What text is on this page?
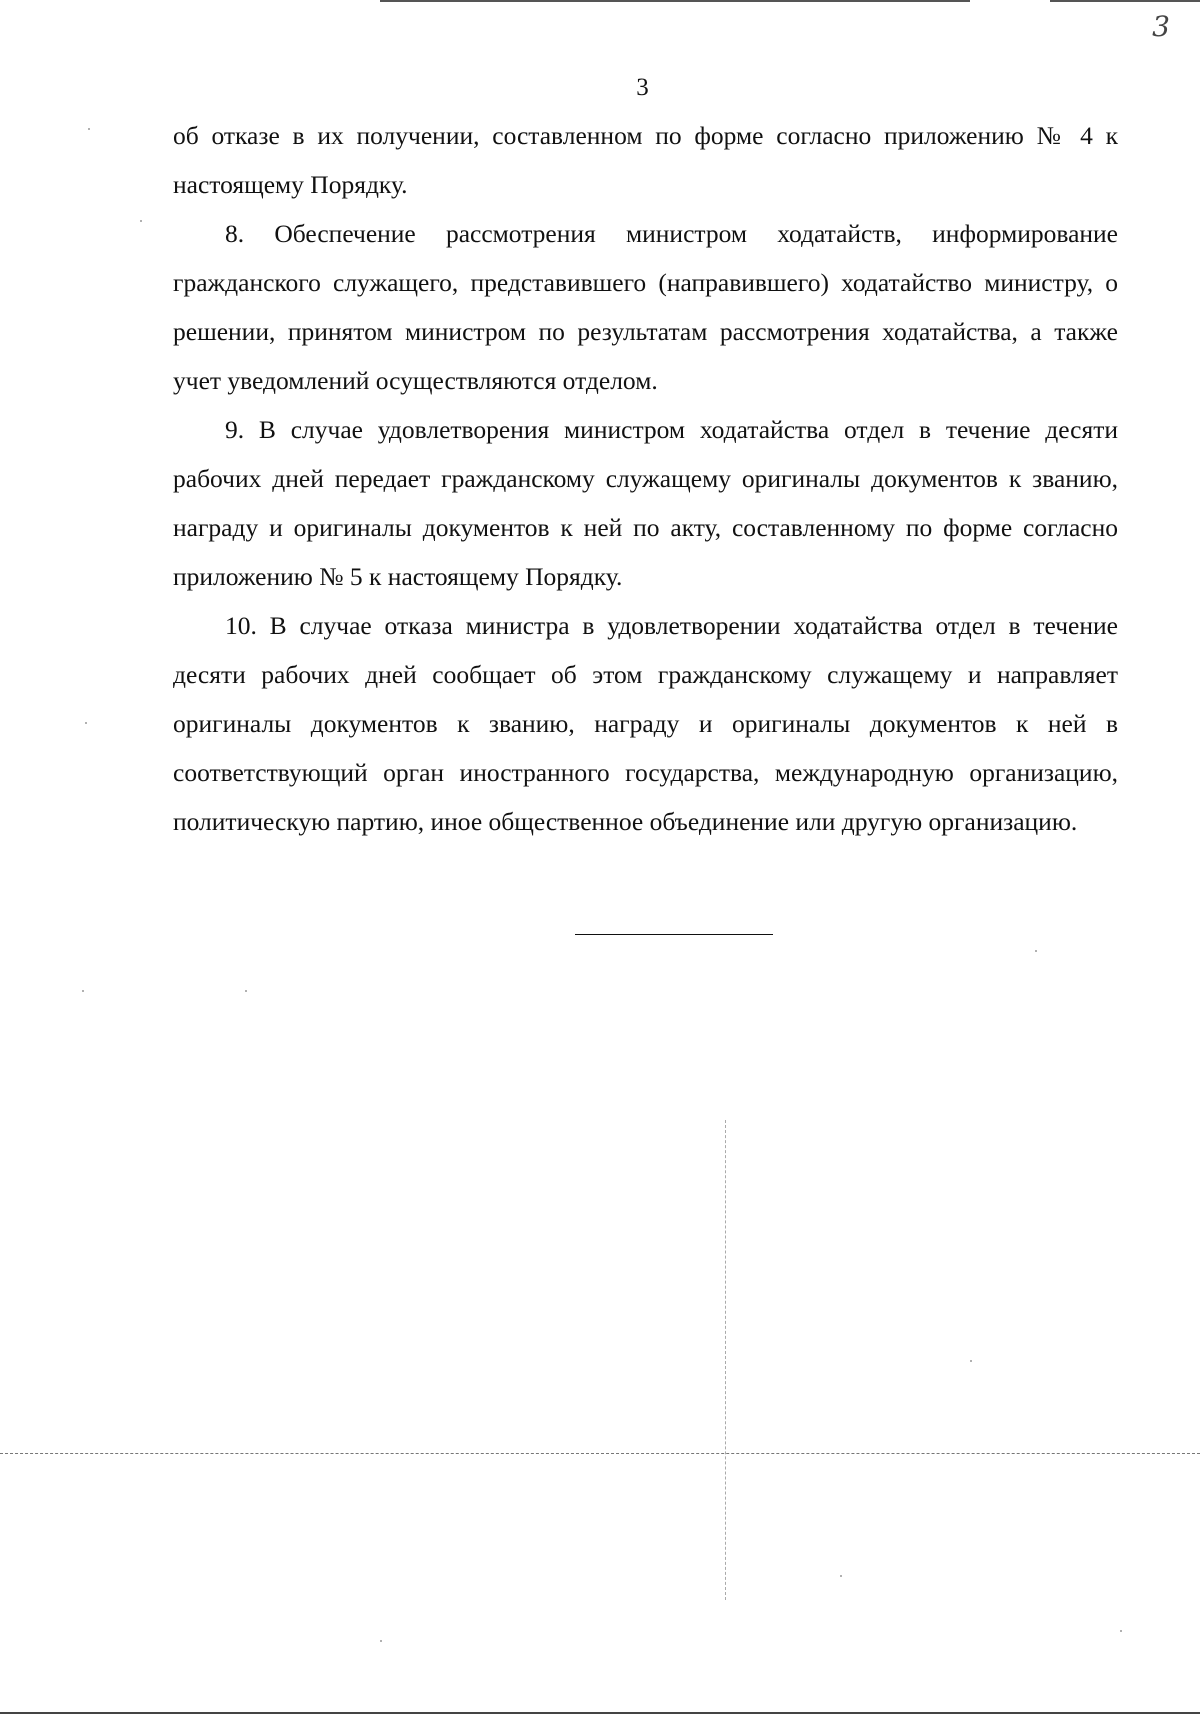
3
3

об отказе в их получении, составленном по форме согласно приложению № 4 к настоящему Порядку.

8. Обеспечение рассмотрения министром ходатайств, информирование гражданского служащего, представившего (направившего) ходатайство министру, о решении, принятом министром по результатам рассмотрения ходатайства, а также учет уведомлений осуществляются отделом.

9. В случае удовлетворения министром ходатайства отдел в течение десяти рабочих дней передает гражданскому служащему оригиналы документов к званию, награду и оригиналы документов к ней по акту, составленному по форме согласно приложению № 5 к настоящему Порядку.

10. В случае отказа министра в удовлетворении ходатайства отдел в течение десяти рабочих дней сообщает об этом гражданскому служащему и направляет оригиналы документов к званию, награду и оригиналы документов к ней в соответствующий орган иностранного государства, международную организацию, политическую партию, иное общественное объединение или другую организацию.
